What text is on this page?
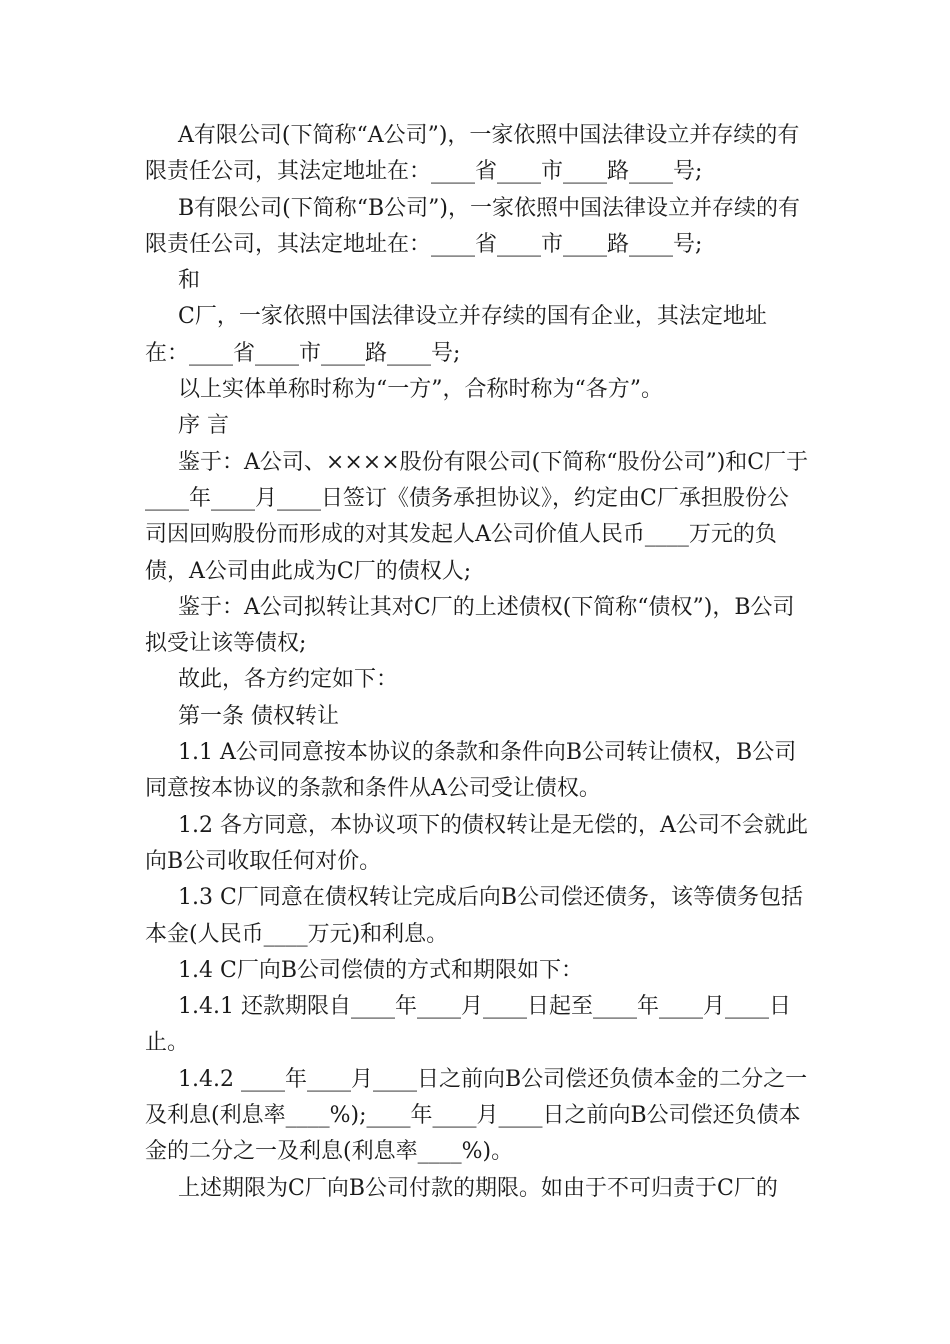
A有限公司(下简称“A公司”)，一家依照中国法律设立并存续的有限责任公司，其法定地址在：____省____市____路____号;

B有限公司(下简称“B公司”)，一家依照中国法律设立并存续的有限责任公司，其法定地址在：____省____市____路____号;

和

C厂，一家依照中国法律设立并存续的国有企业，其法定地址在：____省____市____路____号;

以上实体单称时称为“一方”，合称时称为“各方”。

序 言

鉴于：A公司、××××股份有限公司(下简称“股份公司”)和C厂于____年____月____日签订《债务承担协议》，约定由C厂承担股份公司因回购股份而形成的对其发起人A公司价值人民币____万元的负债，A公司由此成为C厂的债权人;

鉴于：A公司拟转让其对C厂的上述债权(下简称“债权”)，B公司拟受让该等债权;

故此，各方约定如下：

第一条 债权转让

1.1 A公司同意按本协议的条款和条件向B公司转让债权，B公司同意按本协议的条款和条件从A公司受让债权。

1.2 各方同意，本协议项下的债权转让是无偿的，A公司不会就此向B公司收取任何对价。

1.3 C厂同意在债权转让完成后向B公司偿还债务，该等债务包括本金(人民币____万元)和利息。

1.4 C厂向B公司偿债的方式和期限如下：

1.4.1 还款期限自____年____月____日起至____年____月____日止。

1.4.2 ____年____月____日之前向B公司偿还负债本金的二分之一及利息(利息率____%);____年____月____日之前向B公司偿还负债本金的二分之一及利息(利息率____%)。

上述期限为C厂向B公司付款的期限。如由于不可归责于C厂的
